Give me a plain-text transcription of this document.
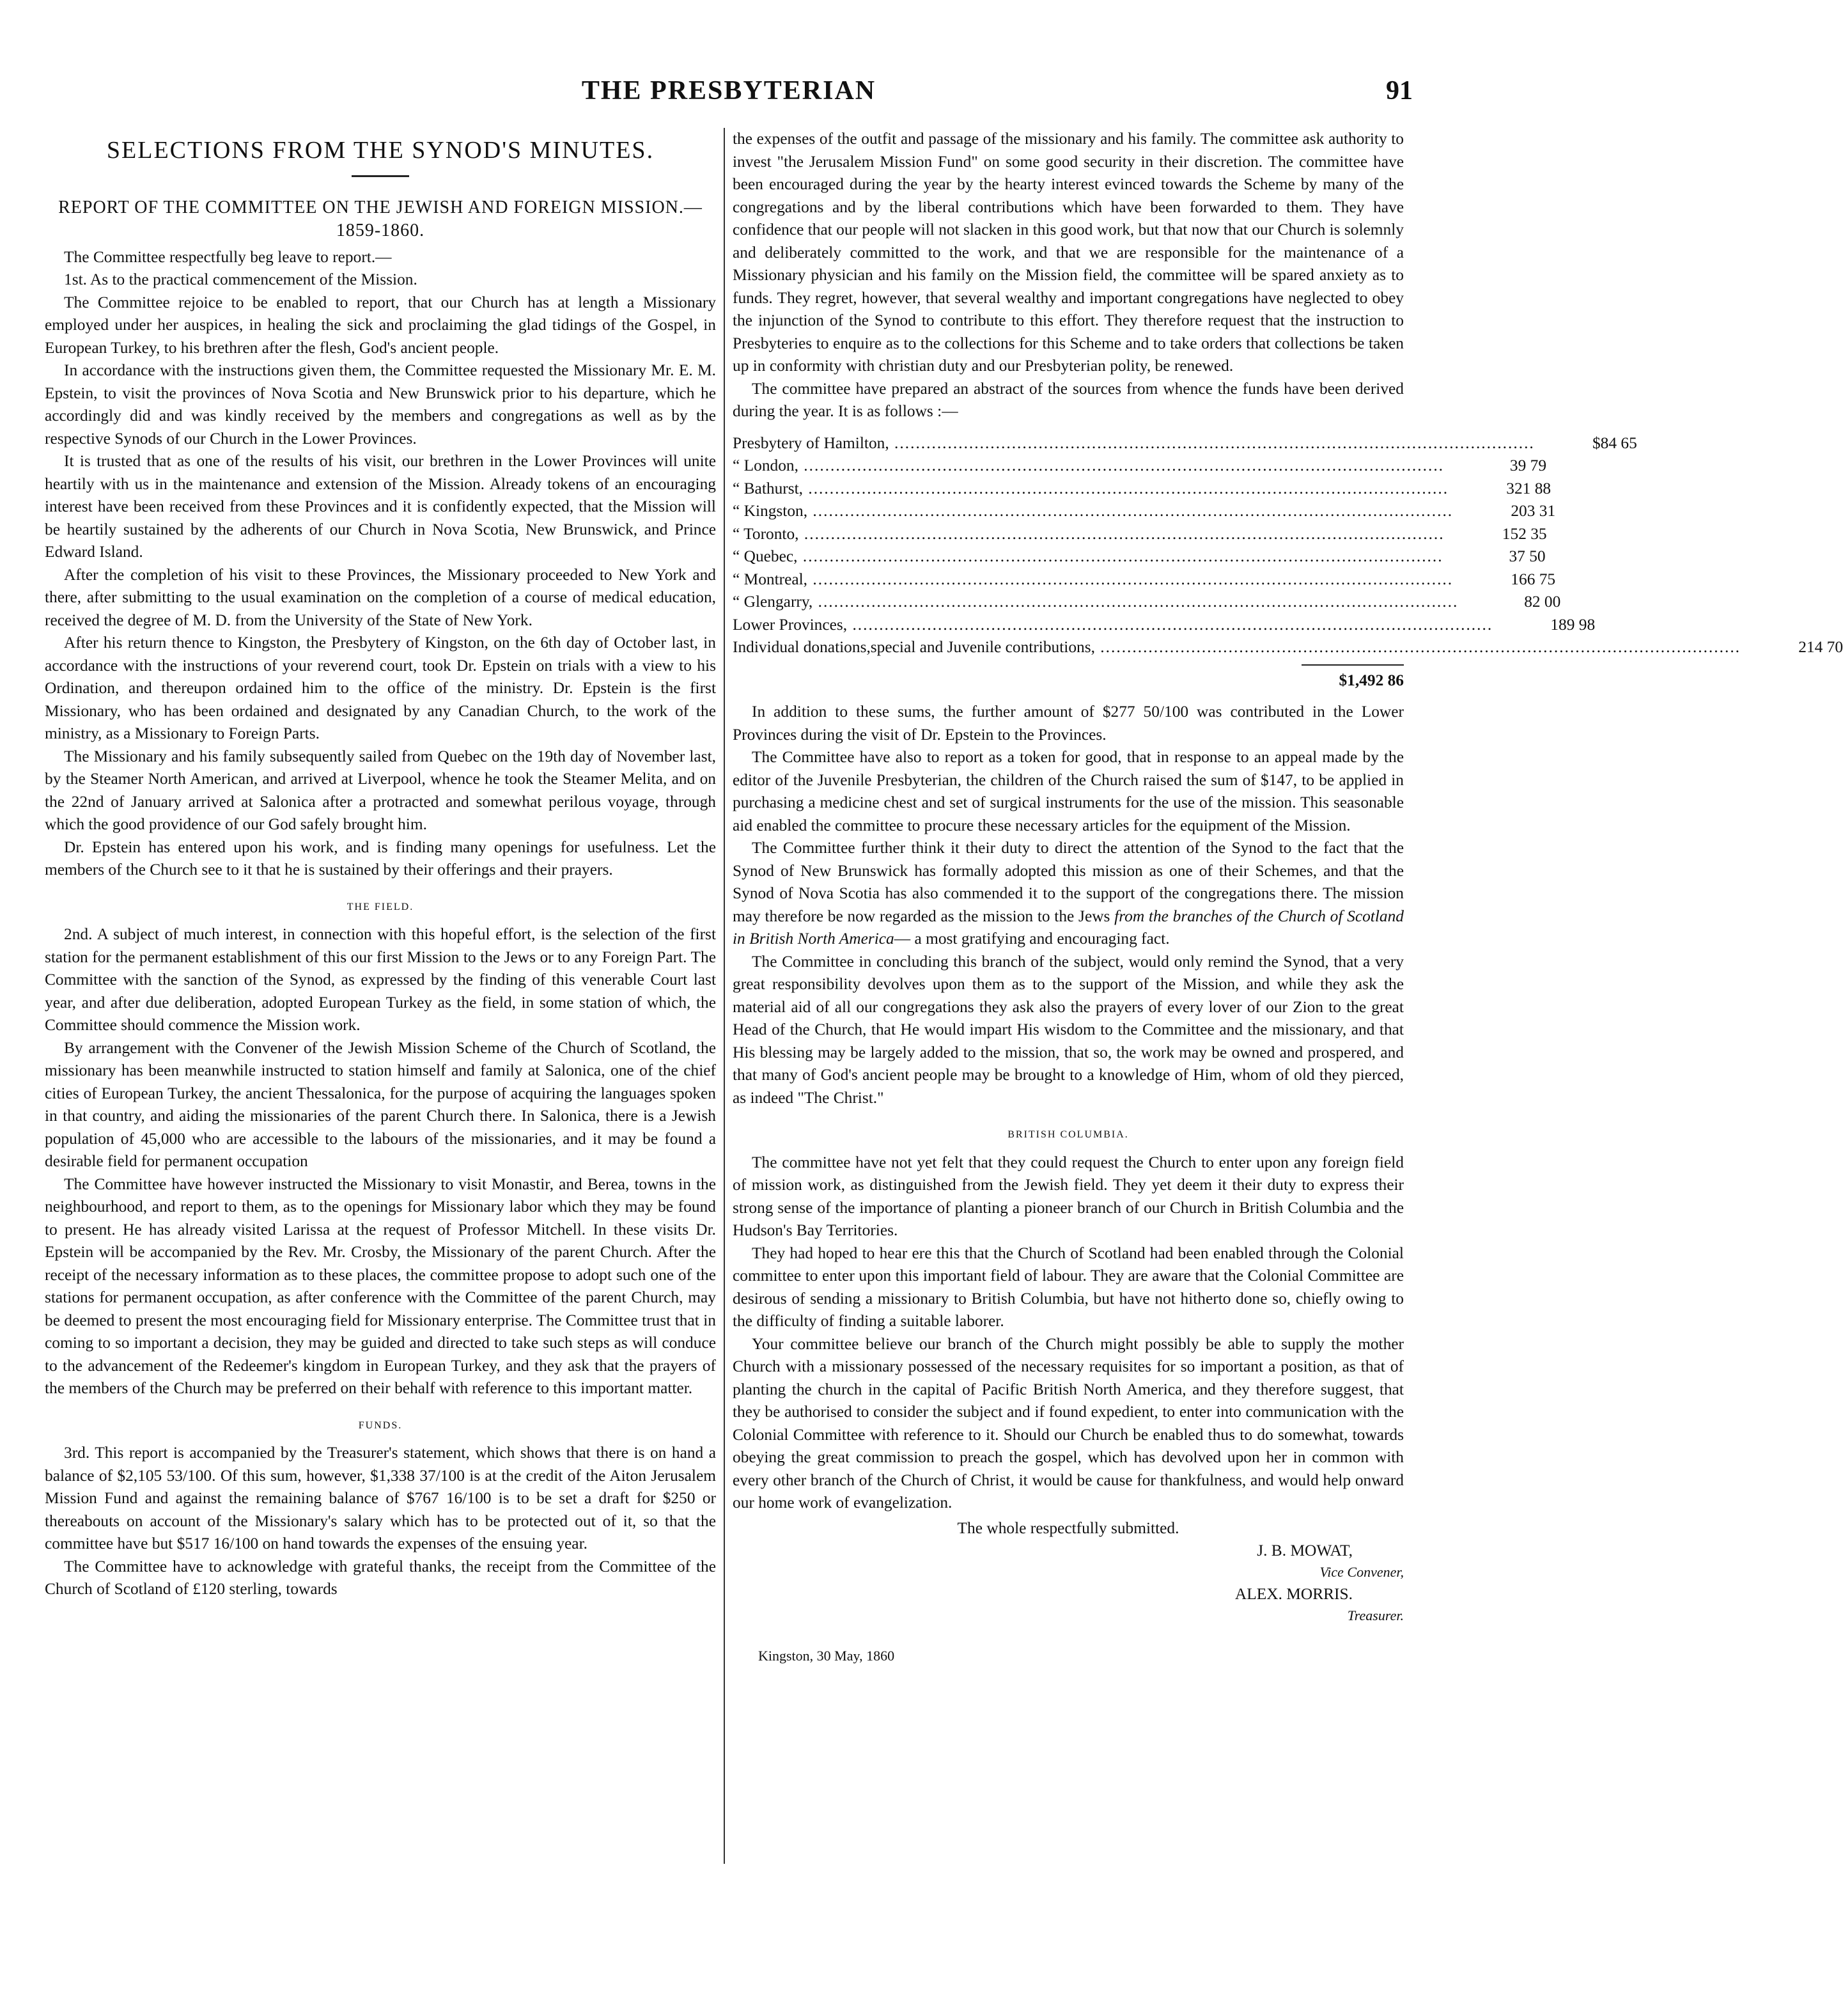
THE PRESBYTERIAN	91
SELECTIONS FROM THE SYNOD'S MINUTES.
REPORT OF THE COMMITTEE ON THE JEWISH AND FOREIGN MISSION.—1859-1860.

The Committee respectfully beg leave to report.—

1st. As to the practical commencement of the Mission.

The Committee rejoice to be enabled to report, that our Church has at length a Missionary employed under her auspices, in healing the sick and proclaiming the glad tidings of the Gospel, in European Turkey, to his brethren after the flesh, God's ancient people.

In accordance with the instructions given them, the Committee requested the Missionary Mr. E. M. Epstein, to visit the provinces of Nova Scotia and New Brunswick prior to his departure, which he accordingly did and was kindly received by the members and congregations as well as by the respective Synods of our Church in the Lower Provinces.

It is trusted that as one of the results of his visit, our brethren in the Lower Provinces will unite heartily with us in the maintenance and extension of the Mission. Already tokens of an encouraging interest have been received from these Provinces and it is confidently expected, that the Mission will be heartily sustained by the adherents of our Church in Nova Scotia, New Brunswick, and Prince Edward Island.

After the completion of his visit to these Provinces, the Missionary proceeded to New York and there, after submitting to the usual examination on the completion of a course of medical education, received the degree of M. D. from the University of the State of New York.

After his return thence to Kingston, the Presbytery of Kingston, on the 6th day of October last, in accordance with the instructions of your reverend court, took Dr. Epstein on trials with a view to his Ordination, and thereupon ordained him to the office of the ministry. Dr. Epstein is the first Missionary, who has been ordained and designated by any Canadian Church, to the work of the ministry, as a Missionary to Foreign Parts.

The Missionary and his family subsequently sailed from Quebec on the 19th day of November last, by the Steamer North American, and arrived at Liverpool, whence he took the Steamer Melita, and on the 22nd of January arrived at Salonica after a protracted and somewhat perilous voyage, through which the good providence of our God safely brought him.

Dr. Epstein has entered upon his work, and is finding many openings for usefulness. Let the members of the Church see to it that he is sustained by their offerings and their prayers.

THE FIELD.

2nd. A subject of much interest, in connection with this hopeful effort, is the selection of the first station for the permanent establishment of this our first Mission to the Jews or to any Foreign Part. The Committee with the sanction of the Synod, as expressed by the finding of this venerable Court last year, and after due deliberation, adopted European Turkey as the field, in some station of which, the Committee should commence the Mission work.

By arrangement with the Convener of the Jewish Mission Scheme of the Church of Scotland, the missionary has been meanwhile instructed to station himself and family at Salonica, one of the chief cities of European Turkey, the ancient Thessalonica, for the purpose of acquiring the languages spoken in that country, and aiding the missionaries of the parent Church there. In Salonica, there is a Jewish population of 45,000 who are accessible to the labours of the missionaries, and it may be found a desirable field for permanent occupation

The Committee have however instructed the Missionary to visit Monastir, and Berea, towns in the neighbourhood, and report to them, as to the openings for Missionary labor which they may be found to present. He has already visited Larissa at the request of Professor Mitchell. In these visits Dr. Epstein will be accompanied by the Rev. Mr. Crosby, the Missionary of the parent Church. After the receipt of the necessary information as to these places, the committee propose to adopt such one of the stations for permanent occupation, as after conference with the Committee of the parent Church, may be deemed to present the most encouraging field for Missionary enterprise. The Committee trust that in coming to so important a decision, they may be guided and directed to take such steps as will conduce to the advancement of the Redeemer's kingdom in European Turkey, and they ask that the prayers of the members of the Church may be preferred on their behalf with reference to this important matter.

FUNDS.

3rd. This report is accompanied by the Treasurer's statement, which shows that there is on hand a balance of $2,105 53/100. Of this sum, however, $1,338 37/100 is at the credit of the Aiton Jerusalem Mission Fund and against the remaining balance of $767 16/100 is to be set a draft for $250 or thereabouts on account of the Missionary's salary which has to be protected out of it, so that the committee have but $517 16/100 on hand towards the expenses of the ensuing year.

The Committee have to acknowledge with grateful thanks, the receipt from the Committee of the Church of Scotland of £120 sterling, towards

the expenses of the outfit and passage of the missionary and his family. The committee ask authority to invest "the Jerusalem Mission Fund" on some good security in their discretion. The committee have been encouraged during the year by the hearty interest evinced towards the Scheme by many of the congregations and by the liberal contributions which have been forwarded to them. They have confidence that our people will not slacken in this good work, but that now that our Church is solemnly and deliberately committed to the work, and that we are responsible for the maintenance of a Missionary physician and his family on the Mission field, the committee will be spared anxiety as to funds. They regret, however, that several wealthy and important congregations have neglected to obey the injunction of the Synod to contribute to this effort. They therefore request that the instruction to Presbyteries to enquire as to the collections for this Scheme and to take orders that collections be taken up in conformity with christian duty and our Presbyterian polity, be renewed.

The committee have prepared an abstract of the sources from whence the funds have been derived during the year. It is as follows :—

Presbytery of Hamilton, ........................................................................................................................	$84 65
“ London, ........................................................................................................................	39 79
“ Bathurst, ........................................................................................................................	321 88
“ Kingston, ........................................................................................................................	203 31
“ Toronto, ........................................................................................................................	152 35
“ Quebec, ........................................................................................................................	37 50
“ Montreal, ........................................................................................................................	166 75
“ Glengarry, ........................................................................................................................	82 00
Lower Provinces, ........................................................................................................................	189 98
Individual donations,special and Juvenile contributions, ........................................................................................................................	214 70
$1,492 86

In addition to these sums, the further amount of $277 50/100 was contributed in the Lower Provinces during the visit of Dr. Epstein to the Provinces.

The Committee have also to report as a token for good, that in response to an appeal made by the editor of the Juvenile Presbyterian, the children of the Church raised the sum of $147, to be applied in purchasing a medicine chest and set of surgical instruments for the use of the mission. This seasonable aid enabled the committee to procure these necessary articles for the equipment of the Mission.

The Committee further think it their duty to direct the attention of the Synod to the fact that the Synod of New Brunswick has formally adopted this mission as one of their Schemes, and that the Synod of Nova Scotia has also commended it to the support of the congregations there. The mission may therefore be now regarded as the mission to the Jews from the branches of the Church of Scotland in British North America— a most gratifying and encouraging fact.

The Committee in concluding this branch of the subject, would only remind the Synod, that a very great responsibility devolves upon them as to the support of the Mission, and while they ask the material aid of all our congregations they ask also the prayers of every lover of our Zion to the great Head of the Church, that He would impart His wisdom to the Committee and the missionary, and that His blessing may be largely added to the mission, that so, the work may be owned and prospered, and that many of God's ancient people may be brought to a knowledge of Him, whom of old they pierced, as indeed "The Christ."

BRITISH COLUMBIA.

The committee have not yet felt that they could request the Church to enter upon any foreign field of mission work, as distinguished from the Jewish field. They yet deem it their duty to express their strong sense of the importance of planting a pioneer branch of our Church in British Columbia and the Hudson's Bay Territories.

They had hoped to hear ere this that the Church of Scotland had been enabled through the Colonial committee to enter upon this important field of labour. They are aware that the Colonial Committee are desirous of sending a missionary to British Columbia, but have not hitherto done so, chiefly owing to the difficulty of finding a suitable laborer.

Your committee believe our branch of the Church might possibly be able to supply the mother Church with a missionary possessed of the necessary requisites for so important a position, as that of planting the church in the capital of Pacific British North America, and they therefore suggest, that they be authorised to consider the subject and if found expedient, to enter into communication with the Colonial Committee with reference to it. Should our Church be enabled thus to do somewhat, towards obeying the great commission to preach the gospel, which has devolved upon her in common with every other branch of the Church of Christ, it would be cause for thankfulness, and would help onward our home work of evangelization.

The whole respectfully submitted.
J. B. MOWAT,
Vice Convener,
ALEX. MORRIS.
Treasurer.
Kingston, 30 May, 1860
